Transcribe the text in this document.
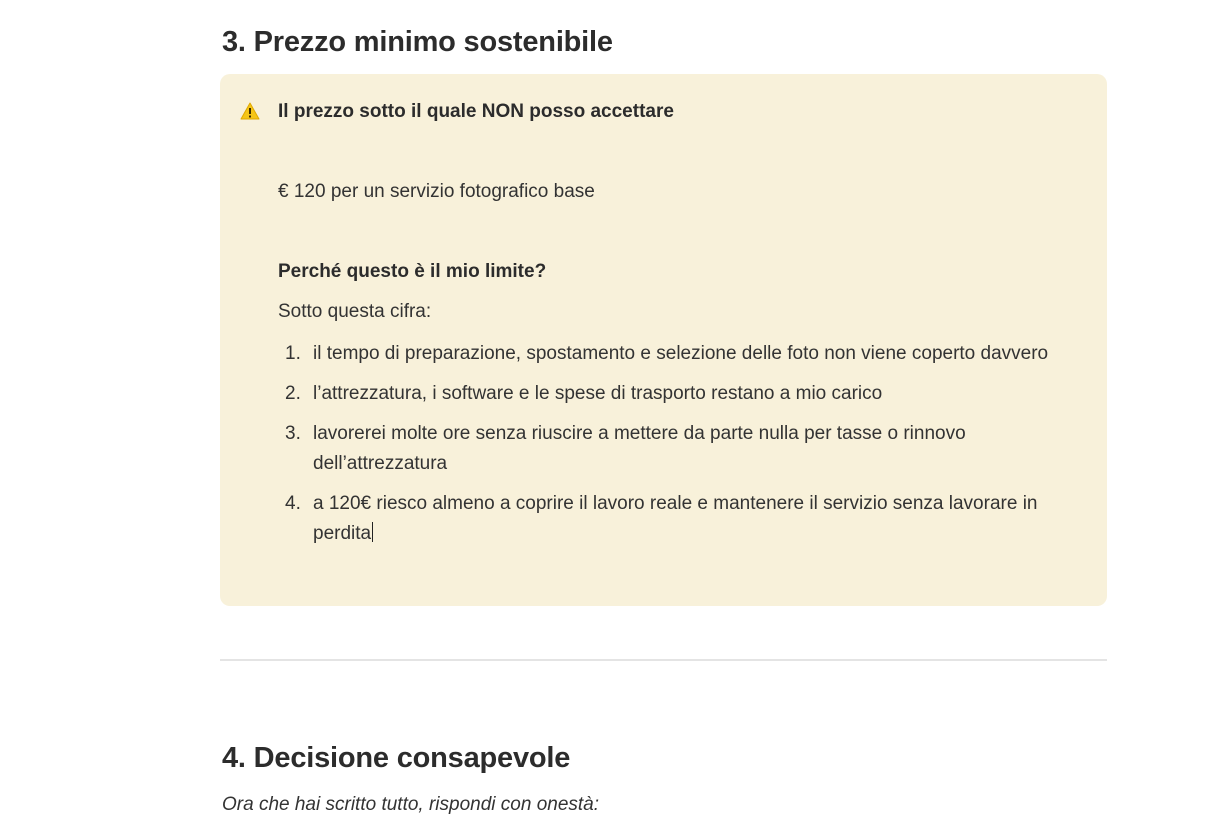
3. Prezzo minimo sostenibile
Il prezzo sotto il quale NON posso accettare
€ 120 per un servizio fotografico base
Perché questo è il mio limite?
Sotto questa cifra:
1. il tempo di preparazione, spostamento e selezione delle foto non viene coperto davvero
2. l’attrezzatura, i software e le spese di trasporto restano a mio carico
3. lavorerei molte ore senza riuscire a mettere da parte nulla per tasse o rinnovo dell’attrezzatura
4. a 120€ riesco almeno a coprire il lavoro reale e mantenere il servizio senza lavorare in perdita
4. Decisione consapevole
Ora che hai scritto tutto, rispondi con onestà:
